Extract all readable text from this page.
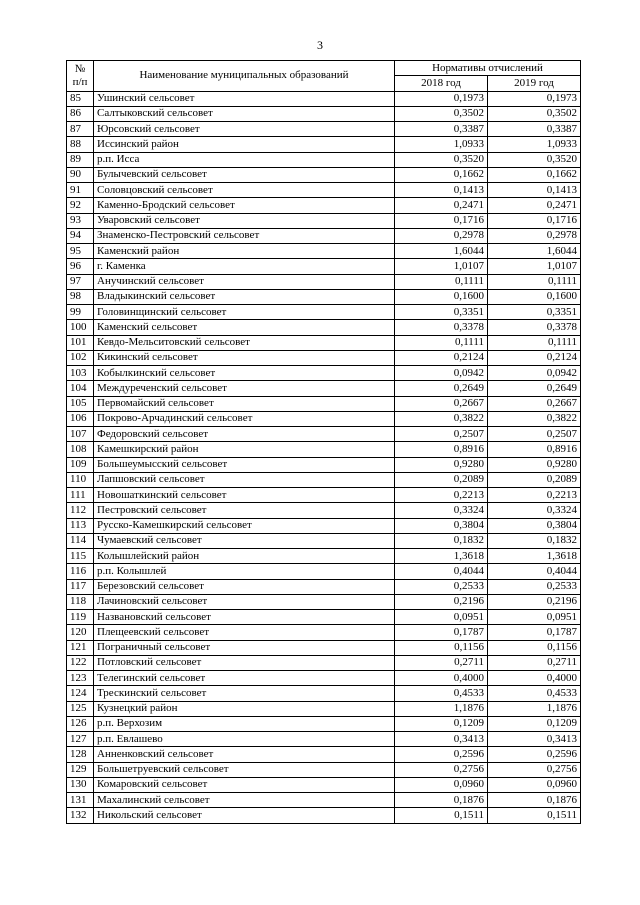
3
№
п/п	Наименование муниципальных образований	Нормативы отчислений	
		2018 год	2019 год
85	Ушинский сельсовет	0,1973	0,1973
86	Салтыковский сельсовет	0,3502	0,3502
87	Юрсовский сельсовет	0,3387	0,3387
88	Иссинский район	1,0933	1,0933
89	р.п. Исса	0,3520	0,3520
90	Булычевский сельсовет	0,1662	0,1662
91	Соловцовский сельсовет	0,1413	0,1413
92	Каменно-Бродский сельсовет	0,2471	0,2471
93	Уваровский сельсовет	0,1716	0,1716
94	Знаменско-Пестровский сельсовет	0,2978	0,2978
95	Каменский район	1,6044	1,6044
96	г. Каменка	1,0107	1,0107
97	Анучинский сельсовет	0,1111	0,1111
98	Владыкинский сельсовет	0,1600	0,1600
99	Головинщинский сельсовет	0,3351	0,3351
100	Каменский сельсовет	0,3378	0,3378
101	Кевдо-Мельситовский сельсовет	0,1111	0,1111
102	Кикинский сельсовет	0,2124	0,2124
103	Кобылкинский сельсовет	0,0942	0,0942
104	Междуреченский сельсовет	0,2649	0,2649
105	Первомайский сельсовет	0,2667	0,2667
106	Покрово-Арчадинский сельсовет	0,3822	0,3822
107	Федоровский сельсовет	0,2507	0,2507
108	Камешкирский район	0,8916	0,8916
109	Большеумысский сельсовет	0,9280	0,9280
110	Лапшовский сельсовет	0,2089	0,2089
111	Новошаткинский сельсовет	0,2213	0,2213
112	Пестровский сельсовет	0,3324	0,3324
113	Русско-Камешкирский сельсовет	0,3804	0,3804
114	Чумаевский сельсовет	0,1832	0,1832
115	Колышлейский район	1,3618	1,3618
116	р.п. Колышлей	0,4044	0,4044
117	Березовский сельсовет	0,2533	0,2533
118	Лачиновский сельсовет	0,2196	0,2196
119	Названовский сельсовет	0,0951	0,0951
120	Плещеевский сельсовет	0,1787	0,1787
121	Пограничный сельсовет	0,1156	0,1156
122	Потловский сельсовет	0,2711	0,2711
123	Телегинский сельсовет	0,4000	0,4000
124	Трескинский сельсовет	0,4533	0,4533
125	Кузнецкий район	1,1876	1,1876
126	р.п. Верхозим	0,1209	0,1209
127	р.п. Евлашево	0,3413	0,3413
128	Анненковский сельсовет	0,2596	0,2596
129	Большетруевский сельсовет	0,2756	0,2756
130	Комаровский сельсовет	0,0960	0,0960
131	Махалинский сельсовет	0,1876	0,1876
132	Никольский сельсовет	0,1511	0,1511
